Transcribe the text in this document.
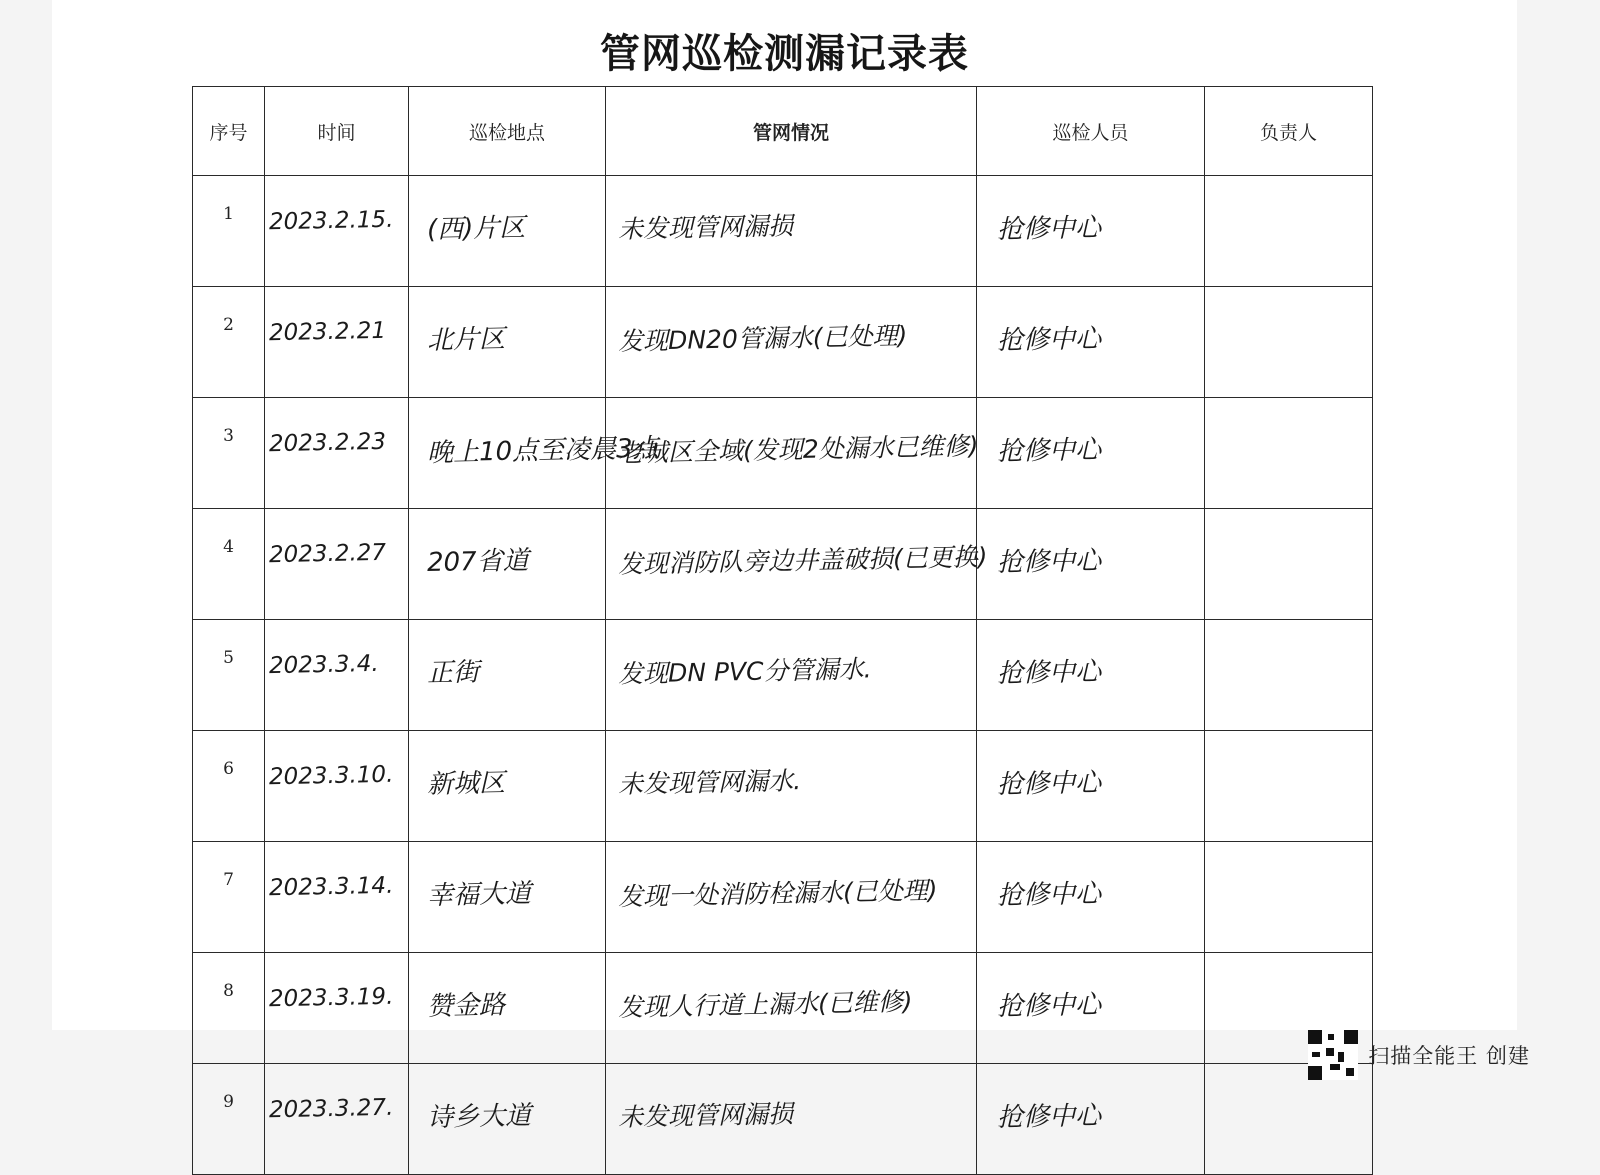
管网巡检测漏记录表
序号	时间	巡检地点	管网情况	巡检人员	负责人
1	2023.2.15.	(西)片区	未发现管网漏损	抢修中心	
2	2023.2.21	北片区	发现DN20管漏水(已处理)	抢修中心	
3	2023.2.23	晚上10点至凌晨3点	老城区全域(发现2处漏水已维修)	抢修中心	
4	2023.2.27	207省道	发现消防队旁边井盖破损(已更换)	抢修中心	
5	2023.3.4.	正街	发现DN PVC分管漏水.	抢修中心	
6	2023.3.10.	新城区	未发现管网漏水.	抢修中心	
7	2023.3.14.	幸福大道	发现一处消防栓漏水(已处理)	抢修中心	
8	2023.3.19.	赞金路	发现人行道上漏水(已维修)	抢修中心	
9	2023.3.27.	诗乡大道	未发现管网漏损	抢修中心	
扫描全能王 创建
